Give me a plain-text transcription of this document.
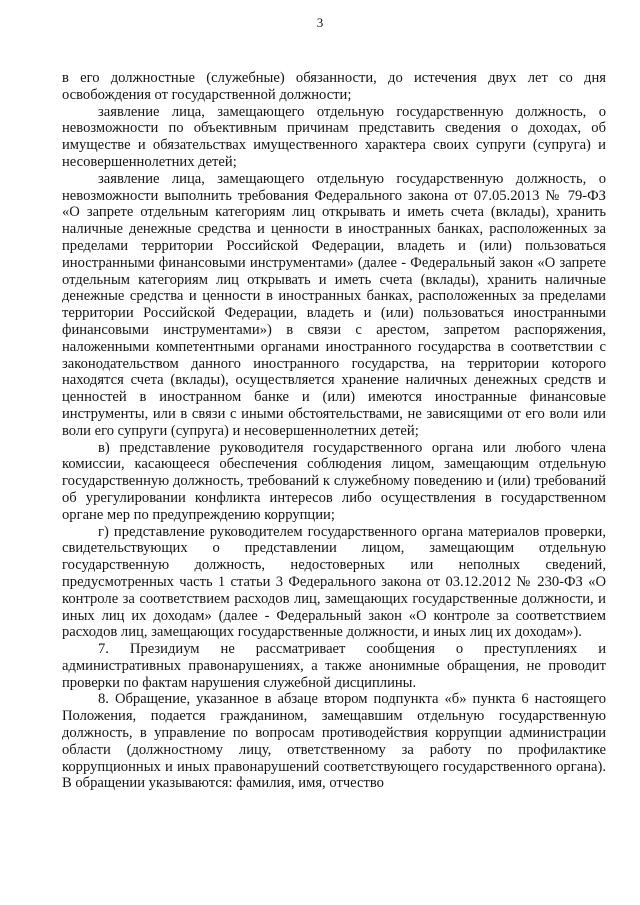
3

в его должностные (служебные) обязанности, до истечения двух лет со дня освобождения от государственной должности;

заявление лица, замещающего отдельную государственную должность, о невозможности по объективным причинам представить сведения о доходах, об имуществе и обязательствах имущественного характера своих супруги (супруга) и несовершеннолетних детей;

заявление лица, замещающего отдельную государственную должность, о невозможности выполнить требования Федерального закона от 07.05.2013 № 79-ФЗ «О запрете отдельным категориям лиц открывать и иметь счета (вклады), хранить наличные денежные средства и ценности в иностранных банках, расположенных за пределами территории Российской Федерации, владеть и (или) пользоваться иностранными финансовыми инструментами» (далее - Федеральный закон «О запрете отдельным категориям лиц открывать и иметь счета (вклады), хранить наличные денежные средства и ценности в иностранных банках, расположенных за пределами территории Российской Федерации, владеть и (или) пользоваться иностранными финансовыми инструментами») в связи с арестом, запретом распоряжения, наложенными компетентными органами иностранного государства в соответствии с законодательством данного иностранного государства, на территории которого находятся счета (вклады), осуществляется хранение наличных денежных средств и ценностей в иностранном банке и (или) имеются иностранные финансовые инструменты, или в связи с иными обстоятельствами, не зависящими от его воли или воли его супруги (супруга) и несовершеннолетних детей;

в) представление руководителя государственного органа или любого члена комиссии, касающееся обеспечения соблюдения лицом, замещающим отдельную государственную должность, требований к служебному поведению и (или) требований об урегулировании конфликта интересов либо осуществления в государственном органе мер по предупреждению коррупции;

г) представление руководителем государственного органа материалов проверки, свидетельствующих о представлении лицом, замещающим отдельную государственную должность, недостоверных или неполных сведений, предусмотренных часть 1 статьи 3 Федерального закона от 03.12.2012 № 230-ФЗ «О контроле за соответствием расходов лиц, замещающих государственные должности, и иных лиц их доходам» (далее - Федеральный закон «О контроле за соответствием расходов лиц, замещающих государственные должности, и иных лиц их доходам»).

7. Президиум не рассматривает сообщения о преступлениях и административных правонарушениях, а также анонимные обращения, не проводит проверки по фактам нарушения служебной дисциплины.

8. Обращение, указанное в абзаце втором подпункта «б» пункта 6 настоящего Положения, подается гражданином, замещавшим отдельную государственную должность, в управление по вопросам противодействия коррупции администрации области (должностному лицу, ответственному за работу по профилактике коррупционных и иных правонарушений соответствующего государственного органа). В обращении указываются: фамилия, имя, отчество
